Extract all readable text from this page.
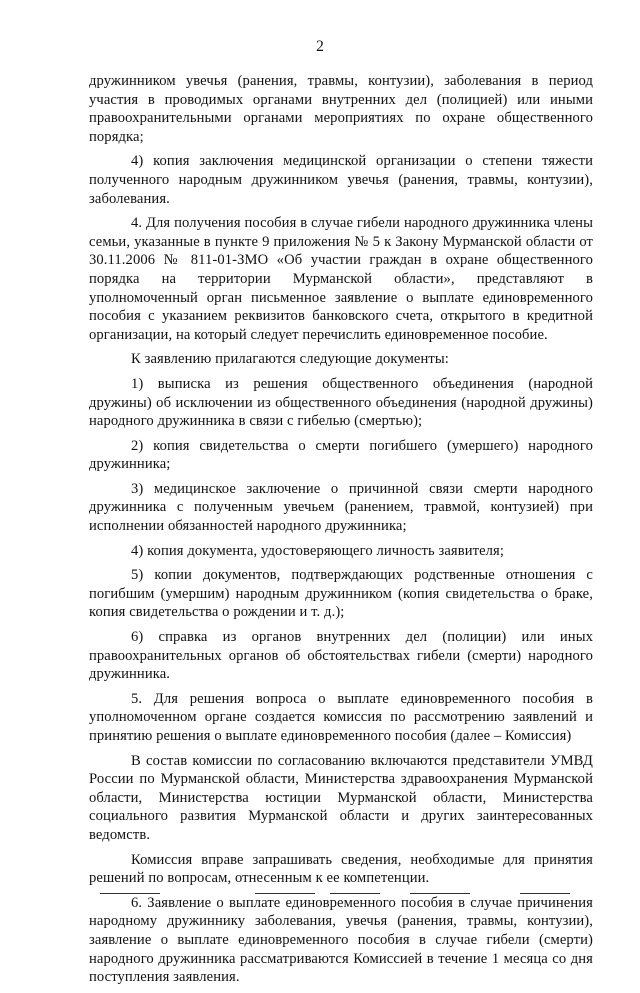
2

дружинником увечья (ранения, травмы, контузии), заболевания в период участия в проводимых органами внутренних дел (полицией) или иными правоохранительными органами мероприятиях по охране общественного порядка;

4) копия заключения медицинской организации о степени тяжести полученного народным дружинником увечья (ранения, травмы, контузии), заболевания.

4. Для получения пособия в случае гибели народного дружинника члены семьи, указанные в пункте 9 приложения № 5 к Закону Мурманской области от 30.11.2006 № 811-01-ЗМО «Об участии граждан в охране общественного порядка на территории Мурманской области», представляют в уполномоченный орган письменное заявление о выплате единовременного пособия с указанием реквизитов банковского счета, открытого в кредитной организации, на который следует перечислить единовременное пособие.

К заявлению прилагаются следующие документы:

1) выписка из решения общественного объединения (народной дружины) об исключении из общественного объединения (народной дружины) народного дружинника в связи с гибелью (смертью);

2) копия свидетельства о смерти погибшего (умершего) народного дружинника;

3) медицинское заключение о причинной связи смерти народного дружинника с полученным увечьем (ранением, травмой, контузией) при исполнении обязанностей народного дружинника;

4) копия документа, удостоверяющего личность заявителя;

5) копии документов, подтверждающих родственные отношения с погибшим (умершим) народным дружинником (копия свидетельства о браке, копия свидетельства о рождении и т. д.);

6) справка из органов внутренних дел (полиции) или иных правоохранительных органов об обстоятельствах гибели (смерти) народного дружинника.

5. Для решения вопроса о выплате единовременного пособия в уполномоченном органе создается комиссия по рассмотрению заявлений и принятию решения о выплате единовременного пособия (далее – Комиссия)

В состав комиссии по согласованию включаются представители УМВД России по Мурманской области, Министерства здравоохранения Мурманской области, Министерства юстиции Мурманской области, Министерства социального развития Мурманской области и других заинтересованных ведомств.

Комиссия вправе запрашивать сведения, необходимые для принятия решений по вопросам, отнесенным к ее компетенции.

6. Заявление о выплате единовременного пособия в случае причинения народному дружиннику заболевания, увечья (ранения, травмы, контузии), заявление о выплате единовременного пособия в случае гибели (смерти) народного дружинника рассматриваются Комиссией в течение 1 месяца со дня поступления заявления.
